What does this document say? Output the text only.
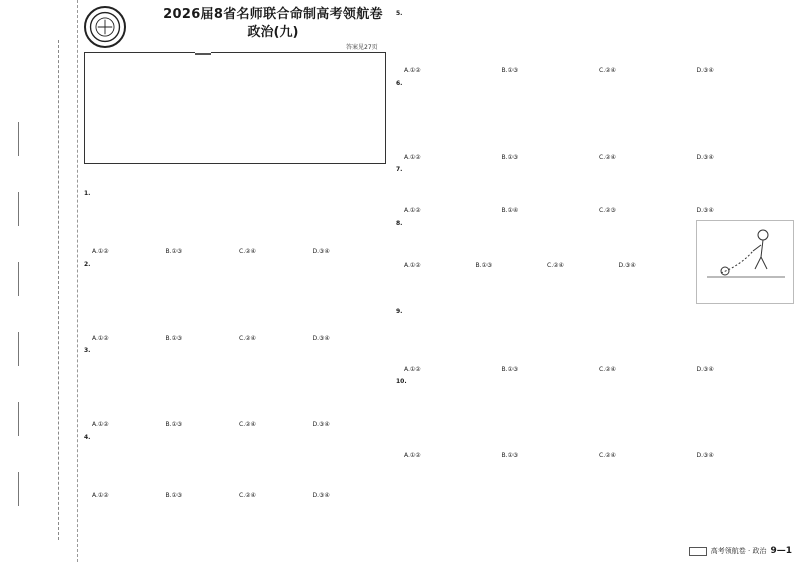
2026届8省名师联合命制高考领航卷
政治(九)
答案见27页
1.
A.①②	B.①③	C.②④	D.③④
2.
A.①②	B.①③	C.②④	D.③④
3.
A.①②	B.①③	C.②④	D.③④
4.
A.①②	B.①③	C.②④	D.③④
5.
A.①②	B.①③	C.②④	D.③④
6.
A.①②	B.①③	C.②④	D.③④
7.
A.①②	B.①④	C.②③	D.③④
8.
A.①②	B.①③	C.②④	D.③④
9.
A.①②	B.①③	C.②④	D.③④
10.
A.①②	B.①③	C.②④	D.③④
高考领航卷 · 政治 9—1
